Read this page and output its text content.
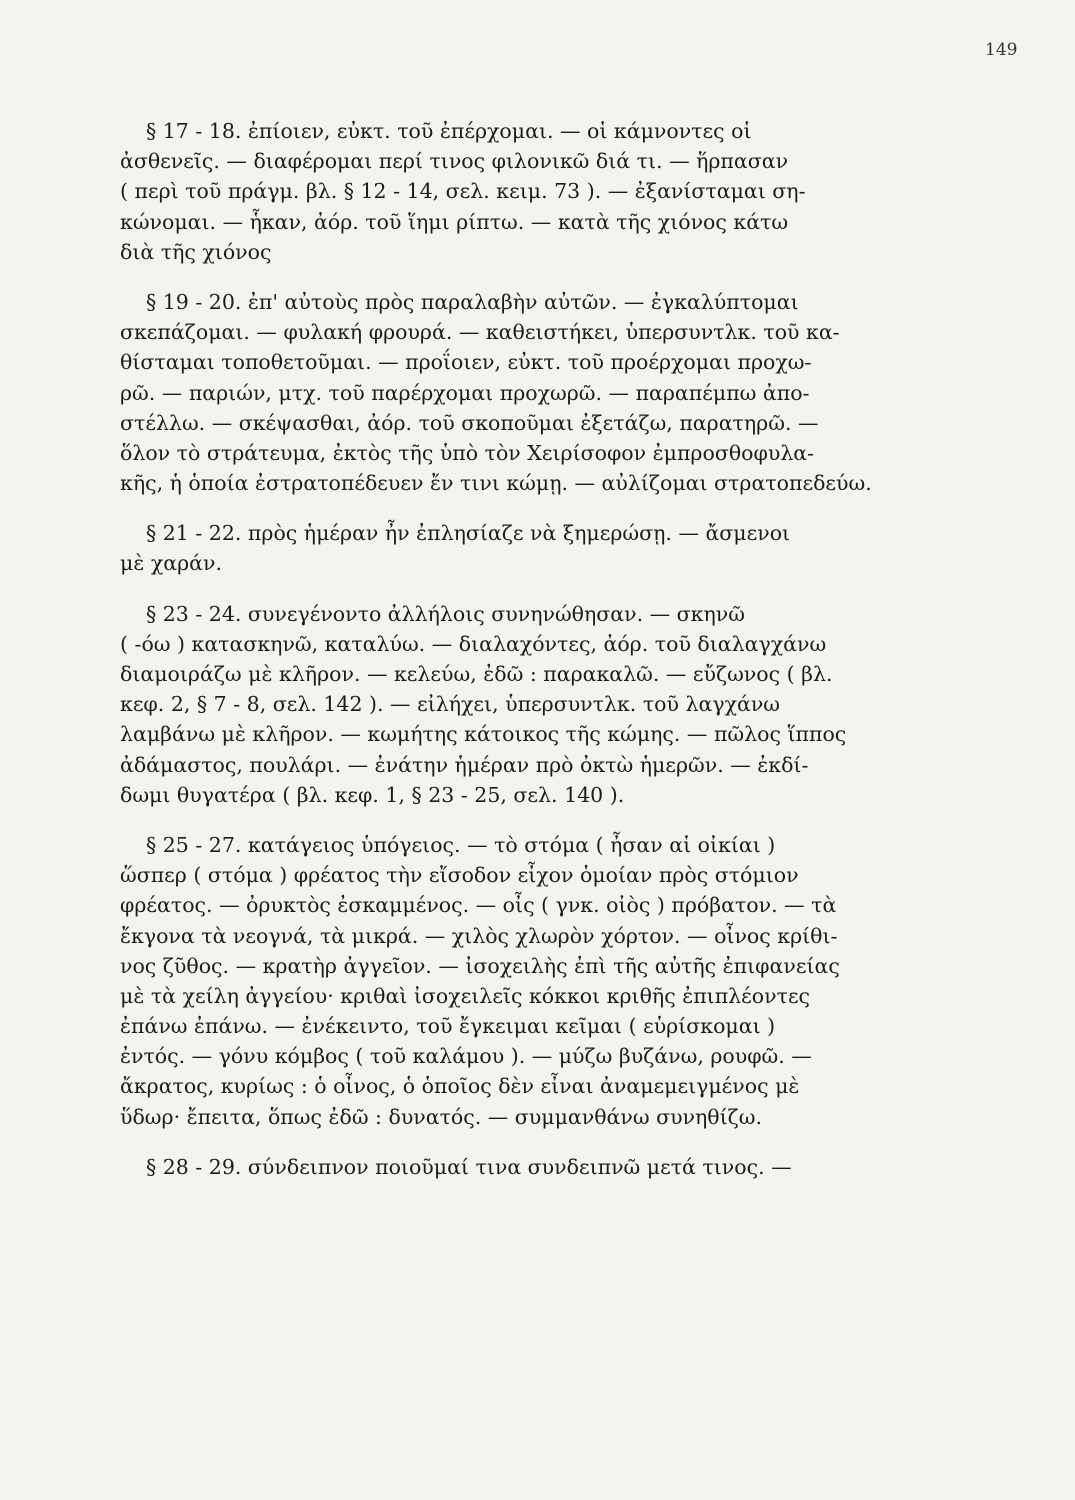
149
§ 17 - 18. ἐπίοιεν, εὐκτ. τοῦ ἐπέρχομαι. — οἱ κάμνοντες οἱ
ἀσθενεῖς. — διαφέρομαι περί τινος φιλονικῶ διά τι. — ἥρπασαν
( περὶ τοῦ πράγμ. βλ. § 12 - 14, σελ. κειμ. 73 ). — ἐξανίσταμαι ση-
κώνομαι. — ἧκαν, ἀόρ. τοῦ ἵημι ρίπτω. — κατὰ τῆς χιόνος κάτω
διὰ τῆς χιόνος
§ 19 - 20. ἐπ' αὐτοὺς πρὸς παραλαβὴν αὐτῶν. — ἐγκαλύπτομαι
σκεπάζομαι. — φυλακή φρουρά. — καθειστήκει, ὑπερσυντλκ. τοῦ κα-
θίσταμαι τοποθετοῦμαι. — προΐοιεν, εὐκτ. τοῦ προέρχομαι προχω-
ρῶ. — παριών, μτχ. τοῦ παρέρχομαι προχωρῶ. — παραπέμπω ἀπο-
στέλλω. — σκέψασθαι, ἀόρ. τοῦ σκοποῦμαι ἐξετάζω, παρατηρῶ. —
ὅλον τὸ στράτευμα, ἐκτὸς τῆς ὑπὸ τὸν Χειρίσοφον ἐμπροσθοφυλα-
κῆς, ἡ ὁποία ἐστρατοπέδευεν ἔν τινι κώμῃ. — αὐλίζομαι στρατοπεδεύω.
§ 21 - 22. πρὸς ἡμέραν ἦν ἐπλησίαζε νὰ ξημερώσῃ. — ἄσμενοι
μὲ χαράν.
§ 23 - 24. συνεγένοντο ἀλλήλοις συνηνώθησαν. — σκηνῶ
( -όω ) κατασκηνῶ, καταλύω. — διαλαχόντες, ἀόρ. τοῦ διαλαγχάνω
διαμοιράζω μὲ κλῆρον. — κελεύω, ἐδῶ : παρακαλῶ. — εὔζωνος ( βλ.
κεφ. 2, § 7 - 8, σελ. 142 ). — εἰλήχει, ὑπερσυντλκ. τοῦ λαγχάνω
λαμβάνω μὲ κλῆρον. — κωμήτης κάτοικος τῆς κώμης. — πῶλος ἵππος
ἀδάμαστος, πουλάρι. — ἐνάτην ἡμέραν πρὸ ὀκτὼ ἡμερῶν. — ἐκδί-
δωμι θυγατέρα ( βλ. κεφ. 1, § 23 - 25, σελ. 140 ).
§ 25 - 27. κατάγειος ὑπόγειος. — τὸ στόμα ( ἦσαν αἱ οἰκίαι )
ὥσπερ ( στόμα ) φρέατος τὴν εἴσοδον εἶχον ὁμοίαν πρὸς στόμιον
φρέατος. — ὀρυκτὸς ἐσκαμμένος. — οἶς ( γνκ. οἰὸς ) πρόβατον. — τὰ
ἔκγονα τὰ νεογνά, τὰ μικρά. — χιλὸς χλωρὸν χόρτον. — οἶνος κρίθι-
νος ζῦθος. — κρατὴρ ἀγγεῖον. — ἰσοχειλὴς ἐπὶ τῆς αὐτῆς ἐπιφανείας
μὲ τὰ χείλη ἀγγείου· κριθαὶ ἰσοχειλεῖς κόκκοι κριθῆς ἐπιπλέοντες
ἐπάνω ἐπάνω. — ἐνέκειντο, τοῦ ἔγκειμαι κεῖμαι ( εὑρίσκομαι )
ἐντός. — γόνυ κόμβος ( τοῦ καλάμου ). — μύζω βυζάνω, ρουφῶ. —
ἄκρατος, κυρίως : ὁ οἶνος, ὁ ὁποῖος δὲν εἶναι ἀναμεμειγμένος μὲ
ὕδωρ· ἔπειτα, ὅπως ἐδῶ : δυνατός. — συμμανθάνω συνηθίζω.
§ 28 - 29. σύνδειπνον ποιοῦμαί τινα συνδειπνῶ μετά τινος. —
